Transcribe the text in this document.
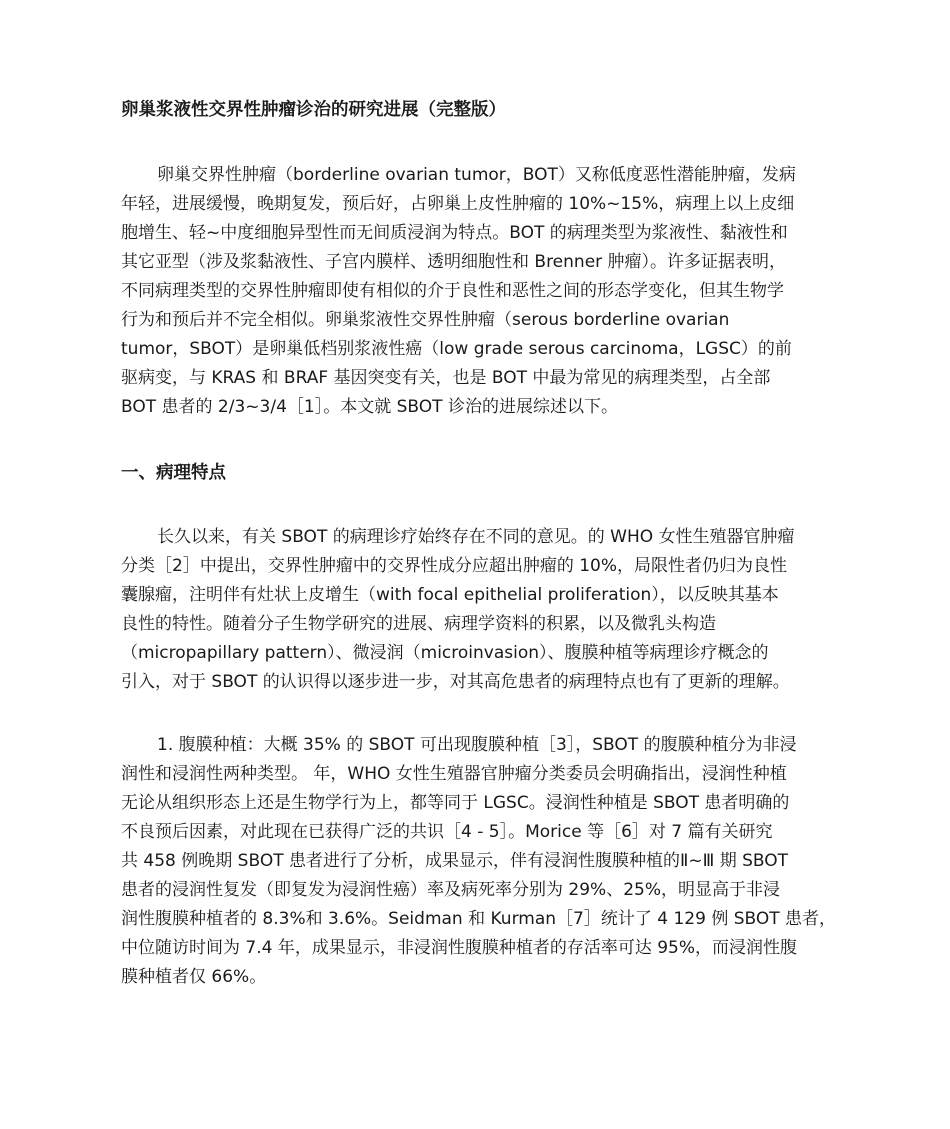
卵巢浆液性交界性肿瘤诊治的研究进展（完整版）

卵巢交界性肿瘤（borderline ovarian tumor，BOT）又称低度恶性潜能肿瘤，发病
年轻，进展缓慢，晚期复发，预后好，占卵巢上皮性肿瘤的 10%~15%，病理上以上皮细
胞增生、轻~中度细胞异型性而无间质浸润为特点。BOT 的病理类型为浆液性、黏液性和
其它亚型（涉及浆黏液性、子宫内膜样、透明细胞性和 Brenner 肿瘤）。许多证据表明，
不同病理类型的交界性肿瘤即使有相似的介于良性和恶性之间的形态学变化，但其生物学
行为和预后并不完全相似。卵巢浆液性交界性肿瘤（serous borderline ovarian
tumor，SBOT）是卵巢低档别浆液性癌（low grade serous carcinoma，LGSC）的前
驱病变，与 KRAS 和 BRAF 基因突变有关，也是 BOT 中最为常见的病理类型，占全部
BOT 患者的 2/3~3/4［1］。本文就 SBOT 诊治的进展综述以下。

一、病理特点

长久以来，有关 SBOT 的病理诊疗始终存在不同的意见。的 WHO 女性生殖器官肿瘤
分类［2］中提出，交界性肿瘤中的交界性成分应超出肿瘤的 10%，局限性者仍归为良性
囊腺瘤，注明伴有灶状上皮增生（with focal epithelial proliferation），以反映其基本
良性的特性。随着分子生物学研究的进展、病理学资料的积累，以及微乳头构造
（micropapillary pattern）、微浸润（microinvasion）、腹膜种植等病理诊疗概念的
引入，对于 SBOT 的认识得以逐步进一步，对其高危患者的病理特点也有了更新的理解。

1. 腹膜种植：大概 35% 的 SBOT 可出现腹膜种植［3］，SBOT 的腹膜种植分为非浸
润性和浸润性两种类型。 年，WHO 女性生殖器官肿瘤分类委员会明确指出，浸润性种植
无论从组织形态上还是生物学行为上，都等同于 LGSC。浸润性种植是 SBOT 患者明确的
不良预后因素，对此现在已获得广泛的共识［4 - 5］。Morice 等［6］对 7 篇有关研究
共 458 例晚期 SBOT 患者进行了分析，成果显示，伴有浸润性腹膜种植的Ⅱ~Ⅲ 期 SBOT
患者的浸润性复发（即复发为浸润性癌）率及病死率分别为 29%、25%，明显高于非浸
润性腹膜种植者的 8.3%和 3.6%。Seidman 和 Kurman［7］统计了 4 129 例 SBOT 患者，
中位随访时间为 7.4 年，成果显示，非浸润性腹膜种植者的存活率可达 95%，而浸润性腹
膜种植者仅 66%。
